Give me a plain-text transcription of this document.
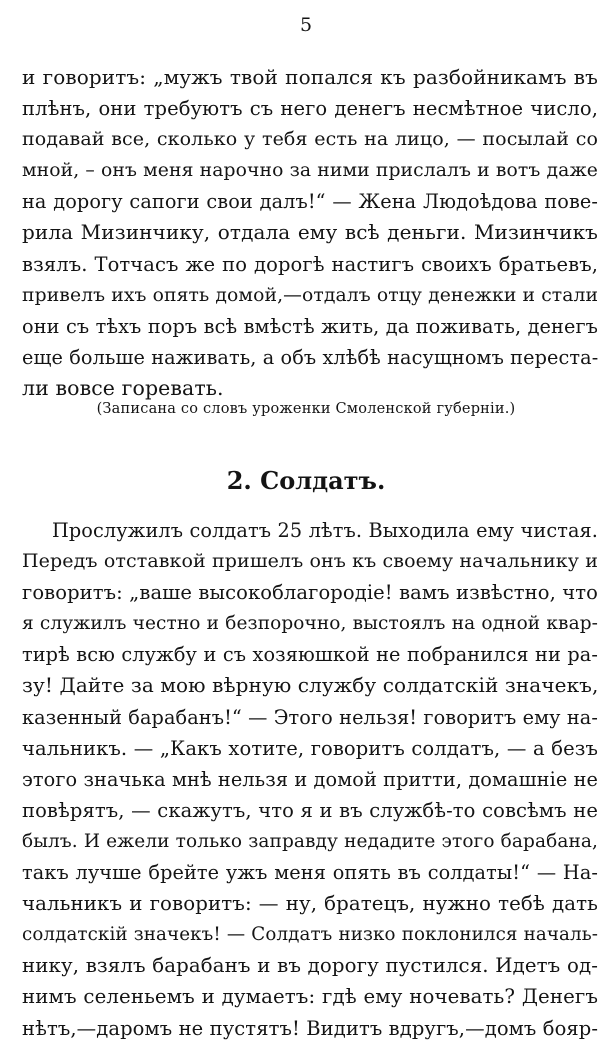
5
и говоритъ: „мужъ твой попался къ разбойникамъ въ
плѣнъ, они требуютъ съ него денегъ несмѣтное число,
подавай все, сколько у тебя есть на лицо, — посылай со
мной, – онъ меня нарочно за ними прислалъ и вотъ даже
на дорогу сапоги свои далъ!“ — Жена Людоѣдова пове-
рила Мизинчику, отдала ему всѣ деньги. Мизинчикъ
взялъ. Тотчасъ же по дорогѣ настигъ своихъ братьевъ,
привелъ ихъ опять домой,—отдалъ отцу денежки и стали
они съ тѣхъ поръ всѣ вмѣстѣ жить, да поживать, денегъ
еще больше наживать, а объ хлѣбѣ насущномъ переста-
ли вовсе горевать.
(Записана со словъ уроженки Смоленской губерніи.)
2. Солдатъ.
Прослужилъ солдатъ 25 лѣтъ. Выходила ему чистая.
Передъ отставкой пришелъ онъ къ своему начальнику и
говоритъ: „ваше высокоблагородіе! вамъ извѣстно, что
я служилъ честно и безпорочно, выстоялъ на одной квар-
тирѣ всю службу и съ хозяюшкой не побранился ни ра-
зу! Дайте за мою вѣрную службу солдатскій значекъ,
казенный барабанъ!“ — Этого нельзя! говоритъ ему на-
чальникъ. — „Какъ хотите, говоритъ солдатъ, — а безъ
этого значька мнѣ нельзя и домой притти, домашніе не
повѣрятъ, — скажутъ, что я и въ службѣ-то совсѣмъ не
былъ. И ежели только заправду недадите этого барабана,
такъ лучше брейте ужъ меня опять въ солдаты!“ — На-
чальникъ и говоритъ: — ну, братецъ, нужно тебѣ дать
солдатскій значекъ! — Солдатъ низко поклонился началь-
нику, взялъ барабанъ и въ дорогу пустился. Идетъ од-
нимъ селеньемъ и думаетъ: гдѣ ему ночевать? Денегъ
нѣтъ,—даромъ не пустятъ! Видитъ вдругъ,—домъ бояр-
